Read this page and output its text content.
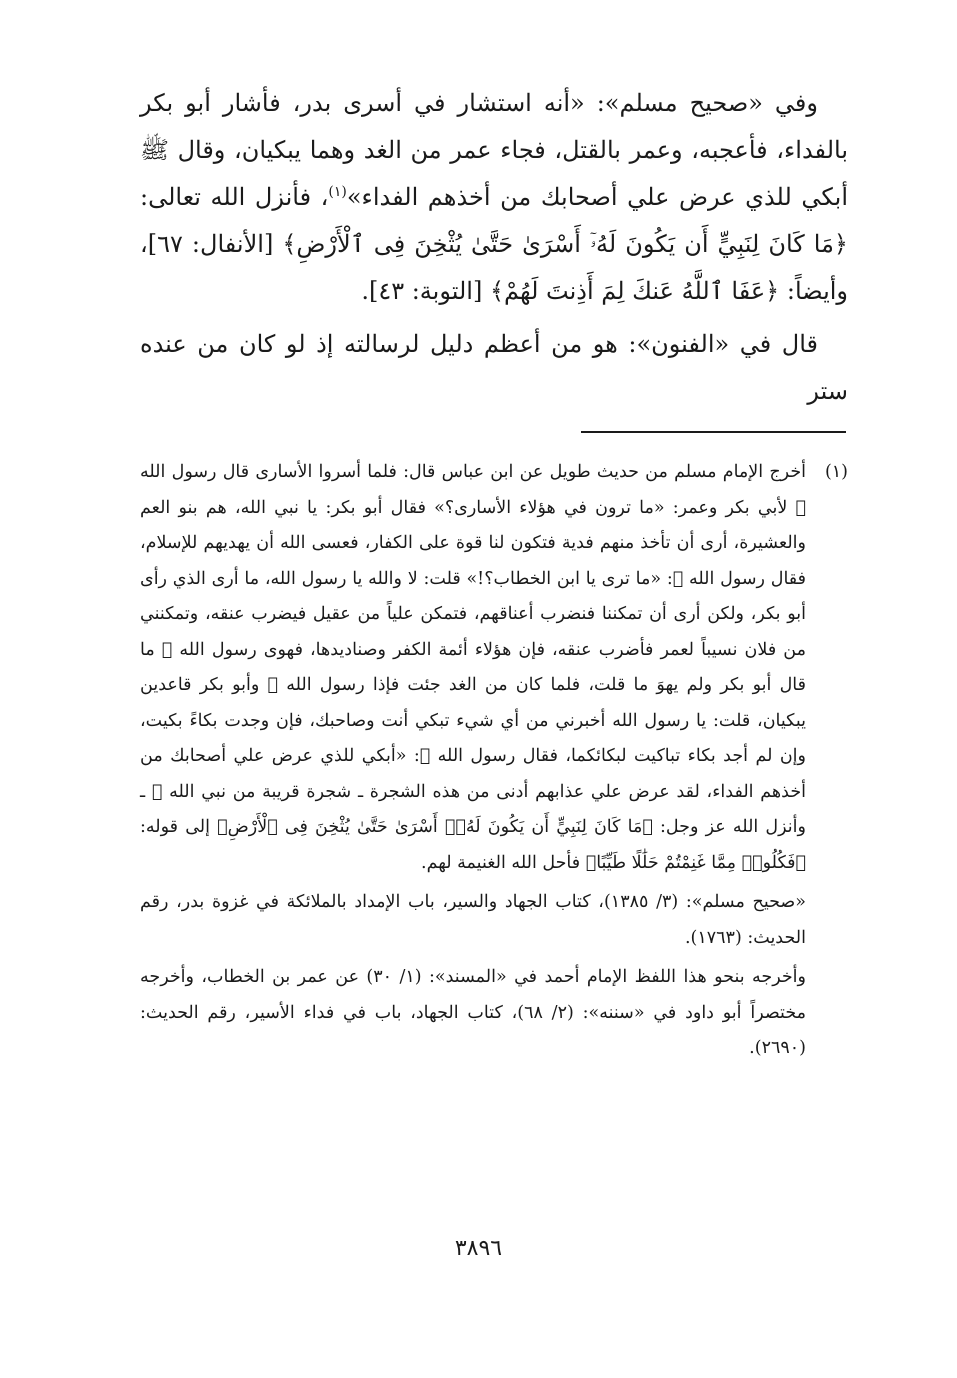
وفي «صحيح مسلم»: «أنه استشار في أسرى بدر، فأشار أبو بكر بالفداء، فأعجبه، وعمر بالقتل، فجاء عمر من الغد وهما يبكيان، وقال ﷺ أبكي للذي عرض علي أصحابك من أخذهم الفداء»$^{(١)}$، فأنزل الله تعالى: ﴿مَا كَانَ لِنَبِيٍّ أَن يَكُونَ لَهُۥٓ أَسْرَىٰ حَتَّىٰ يُثْخِنَ فِى ٱلْأَرْضِ﴾ [الأنفال: ٦٧]، وأيضاً: ﴿عَفَا ٱللَّهُ عَنكَ لِمَ أَذِنتَ لَهُمْ﴾ [التوبة: ٤٣].

قال في «الفنون»: هو من أعظم دليل لرسالته إذ لو كان من عنده ستر

(١)

أخرج الإمام مسلم من حديث طويل عن ابن عباس قال: فلما أسروا الأسارى قال رسول الله ﷺ لأبي بكر وعمر: «ما ترون في هؤلاء الأسارى؟» فقال أبو بكر: يا نبي الله، هم بنو العم والعشيرة، أرى أن تأخذ منهم فدية فتكون لنا قوة على الكفار، فعسى الله أن يهديهم للإسلام، فقال رسول الله ﷺ: «ما ترى يا ابن الخطاب؟!» قلت: لا والله يا رسول الله، ما أرى الذي رأى أبو بكر، ولكن أرى أن تمكننا فنضرب أعناقهم، فتمكن علياً من عقيل فيضرب عنقه، وتمكنني من فلان نسيباً لعمر فأضرب عنقه، فإن هؤلاء أئمة الكفر وصناديدها، فهوى رسول الله ﷺ ما قال أبو بكر ولم يهوَ ما قلت، فلما كان من الغد جئت فإذا رسول الله ﷺ وأبو بكر قاعدين يبكيان، قلت: يا رسول الله أخبرني من أي شيء تبكي أنت وصاحبك، فإن وجدت بكاءً بكيت، وإن لم أجد بكاء تباكيت لبكائكما، فقال رسول الله ﷺ: «أبكي للذي عرض علي أصحابك من أخذهم الفداء، لقد عرض علي عذابهم أدنى من هذه الشجرة ـ شجرة قريبة من نبي الله ﷺ ـ وأنزل الله عز وجل: ﴿مَا كَانَ لِنَبِيٍّ أَن يَكُونَ لَهُۥٓ أَسْرَىٰ حَتَّىٰ يُثْخِنَ فِى ٱلْأَرْضِ﴾ إلى قوله: ﴿فَكُلُوا۟ مِمَّا غَنِمْتُمْ حَلَٰلًا طَيِّبًا﴾ فأحل الله الغنيمة لهم.

«صحيح مسلم»: (٣/ ١٣٨٥)، كتاب الجهاد والسير، باب الإمداد بالملائكة في غزوة بدر، رقم الحديث: (١٧٦٣).

وأخرجه بنحو هذا اللفظ الإمام أحمد في «المسند»: (١/ ٣٠) عن عمر بن الخطاب، وأخرجه مختصراً أبو داود في «سننه»: (٢/ ٦٨)، كتاب الجهاد، باب في فداء الأسير، رقم الحديث: (٢٦٩٠).

٣٨٩٦
